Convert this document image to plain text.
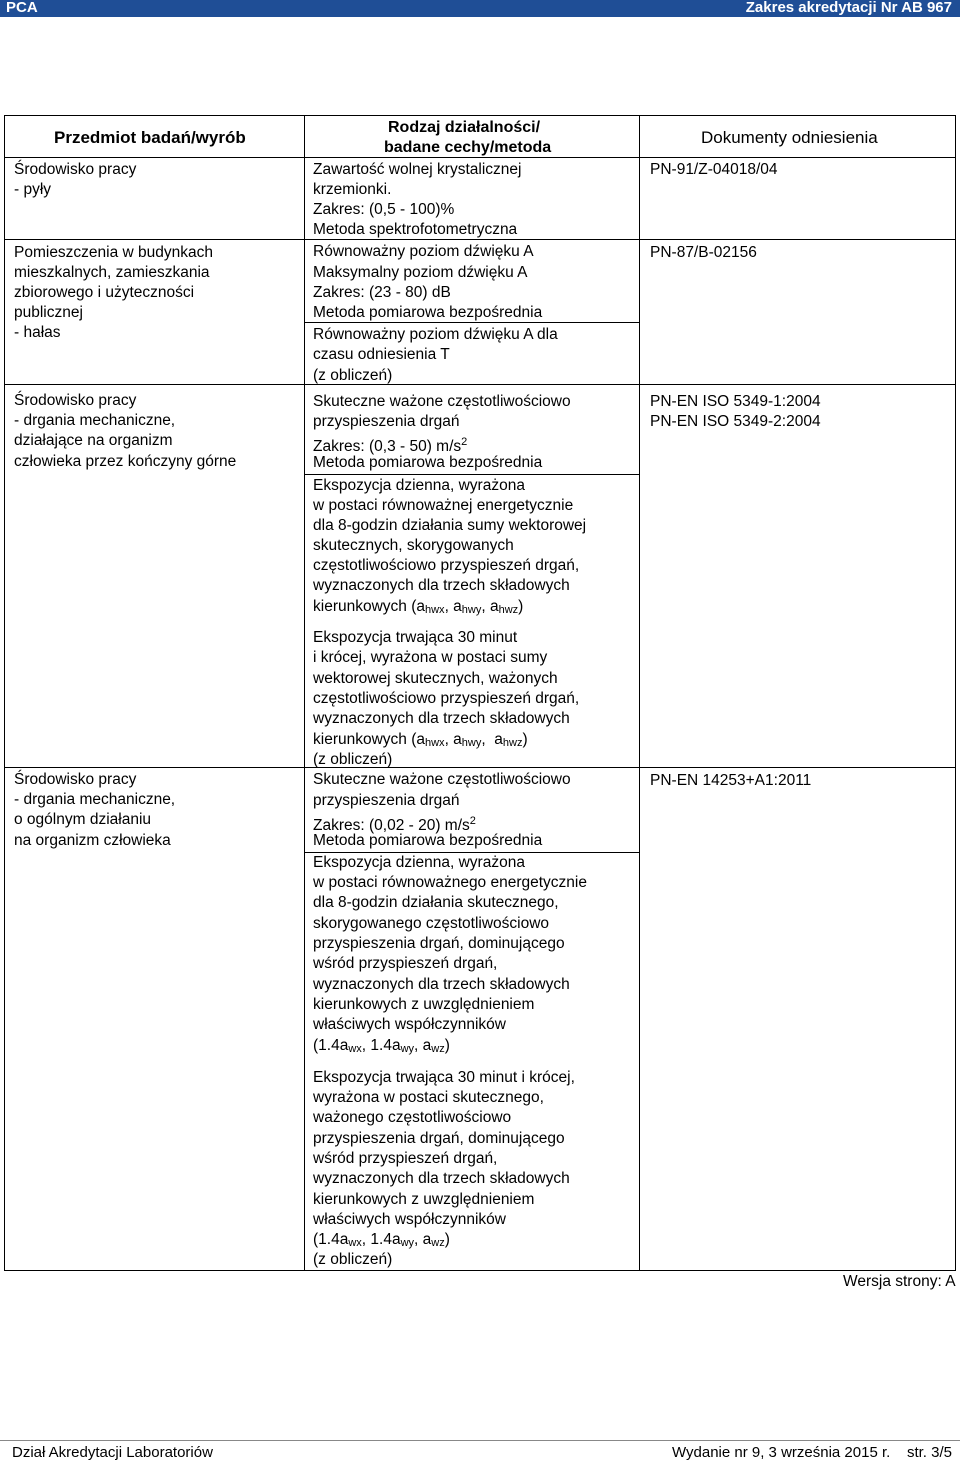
PCA	Zakres akredytacji Nr AB 967
Przedmiot badań/wyrób
Rodzaj działalności/
badane cechy/metoda
Dokumenty odniesienia
Środowisko pracy
- pyły
Pomieszczenia w budynkach
mieszkalnych, zamieszkania
zbiorowego i użyteczności
publicznej
- hałas
Środowisko pracy
- drgania mechaniczne,
działające na organizm
człowieka przez kończyny górne
Środowisko pracy
- drgania mechaniczne,
o ogólnym działaniu
na organizm człowieka
Zawartość wolnej krystalicznej
krzemionki.
Zakres: (0,5 - 100)%
Metoda spektrofotometryczna
Równoważny poziom dźwięku A
Maksymalny poziom dźwięku A
Zakres: (23 - 80) dB
Metoda pomiarowa bezpośrednia
Równoważny poziom dźwięku A dla
czasu odniesienia T
(z obliczeń)
Skuteczne ważone częstotliwościowo
przyspieszenia drgań
Zakres: (0,3 - 50) $m/s^2$
Metoda pomiarowa bezpośrednia
Ekspozycja dzienna, wyrażona
w postaci równoważnej energetycznie
dla 8-godzin działania sumy wektorowej
skutecznych, skorygowanych
częstotliwościowo przyspieszeń drgań,
wyznaczonych dla trzech składowych
kierunkowych ($a_{hwx}$, $a_{hwy}$, $a_{hwz}$)
Ekspozycja trwająca 30 minut
i krócej, wyrażona w postaci sumy
wektorowej skutecznych, ważonych
częstotliwościowo przyspieszeń drgań,
wyznaczonych dla trzech składowych
kierunkowych ($a_{hwx}$, $a_{hwy}$,  $a_{hwz}$)
(z obliczeń)
Skuteczne ważone częstotliwościowo
przyspieszenia drgań
Zakres: (0,02 - 20) $m/s^2$
Metoda pomiarowa bezpośrednia
Ekspozycja dzienna, wyrażona
w postaci równoważnego energetycznie
dla 8-godzin działania skutecznego,
skorygowanego częstotliwościowo
przyspieszenia drgań, dominującego
wśród przyspieszeń drgań,
wyznaczonych dla trzech składowych
kierunkowych z uwzględnieniem
właściwych współczynników
($1.4a_{wx}$, $1.4a_{wy}$, $a_{wz}$)
Ekspozycja trwająca 30 minut i krócej,
wyrażona w postaci skutecznego,
ważonego częstotliwościowo
przyspieszenia drgań, dominującego
wśród przyspieszeń drgań,
wyznaczonych dla trzech składowych
kierunkowych z uwzględnieniem
właściwych współczynników
($1.4a_{wx}$, $1.4a_{wy}$, $a_{wz}$)
(z obliczeń)
PN-91/Z-04018/04
PN-87/B-02156
PN-EN ISO 5349-1:2004
PN-EN ISO 5349-2:2004
PN-EN 14253+A1:2011
Wersja strony: A
Dział Akredytacji Laboratoriów	Wydanie nr 9, 3 września 2015 r.    str. 3/5
